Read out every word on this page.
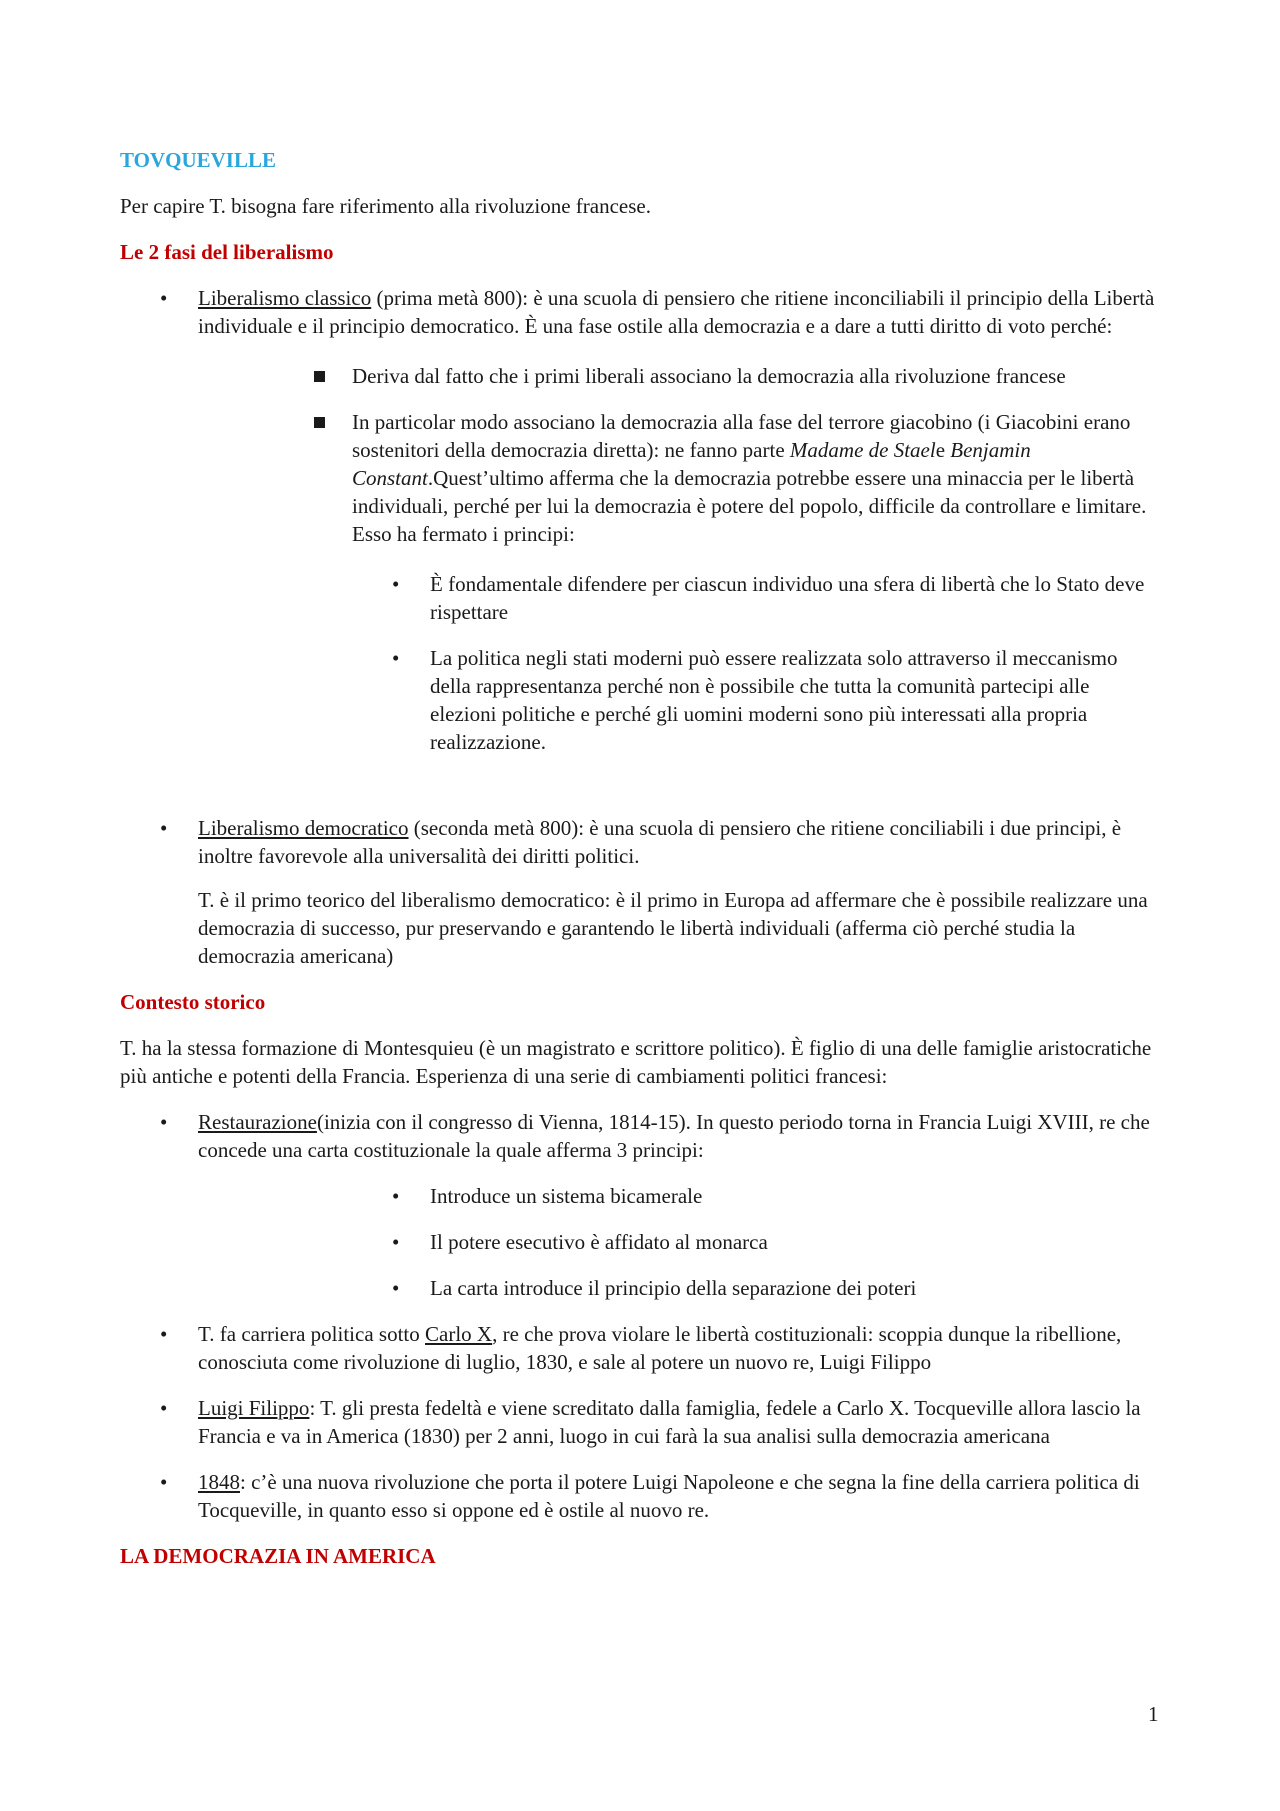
TOVQUEVILLE

Per capire T. bisogna fare riferimento alla rivoluzione francese.

Le 2 fasi del liberalismo
• Liberalismo classico (prima metà 800): è una scuola di pensiero che ritiene inconciliabili il principio della Libertà individuale e il principio democratico. È una fase ostile alla democrazia e a dare a tutti diritto di voto perché:
Deriva dal fatto che i primi liberali associano la democrazia alla rivoluzione francese
In particolar modo associano la democrazia alla fase del terrore giacobino (i Giacobini erano sostenitori della democrazia diretta): ne fanno parte Madame de Staele Benjamin Constant.Quest’ultimo afferma che la democrazia potrebbe essere una minaccia per le libertà individuali, perché per lui la democrazia è potere del popolo, difficile da controllare e limitare. Esso ha fermato i principi:
• È fondamentale difendere per ciascun individuo una sfera di libertà che lo Stato deve rispettare
• La politica negli stati moderni può essere realizzata solo attraverso il meccanismo della rappresentanza perché non è possibile che tutta la comunità partecipi alle elezioni politiche e perché gli uomini moderni sono più interessati alla propria realizzazione.
• Liberalismo democratico (seconda metà 800): è una scuola di pensiero che ritiene conciliabili i due principi, è inoltre favorevole alla universalità dei diritti politici.
T. è il primo teorico del liberalismo democratico: è il primo in Europa ad affermare che è possibile realizzare una democrazia di successo, pur preservando e garantendo le libertà individuali (afferma ciò perché studia la democrazia americana)
Contesto storico

T. ha la stessa formazione di Montesquieu (è un magistrato e scrittore politico). È figlio di una delle famiglie aristocratiche più antiche e potenti della Francia. Esperienza di una serie di cambiamenti politici francesi:

• Restaurazione(inizia con il congresso di Vienna, 1814-15). In questo periodo torna in Francia Luigi XVIII, re che concede una carta costituzionale la quale afferma 3 principi:
• Introduce un sistema bicamerale
• Il potere esecutivo è affidato al monarca
• La carta introduce il principio della separazione dei poteri
• T. fa carriera politica sotto Carlo X, re che prova violare le libertà costituzionali: scoppia dunque la ribellione, conosciuta come rivoluzione di luglio, 1830, e sale al potere un nuovo re, Luigi Filippo
• Luigi Filippo: T. gli presta fedeltà e viene screditato dalla famiglia, fedele a Carlo X. Tocqueville allora lascio la Francia e va in America (1830) per 2 anni, luogo in cui farà la sua analisi sulla democrazia americana
• 1848: c’è una nuova rivoluzione che porta il potere Luigi Napoleone e che segna la fine della carriera politica di Tocqueville, in quanto esso si oppone ed è ostile al nuovo re.
LA DEMOCRAZIA IN AMERICA
1
